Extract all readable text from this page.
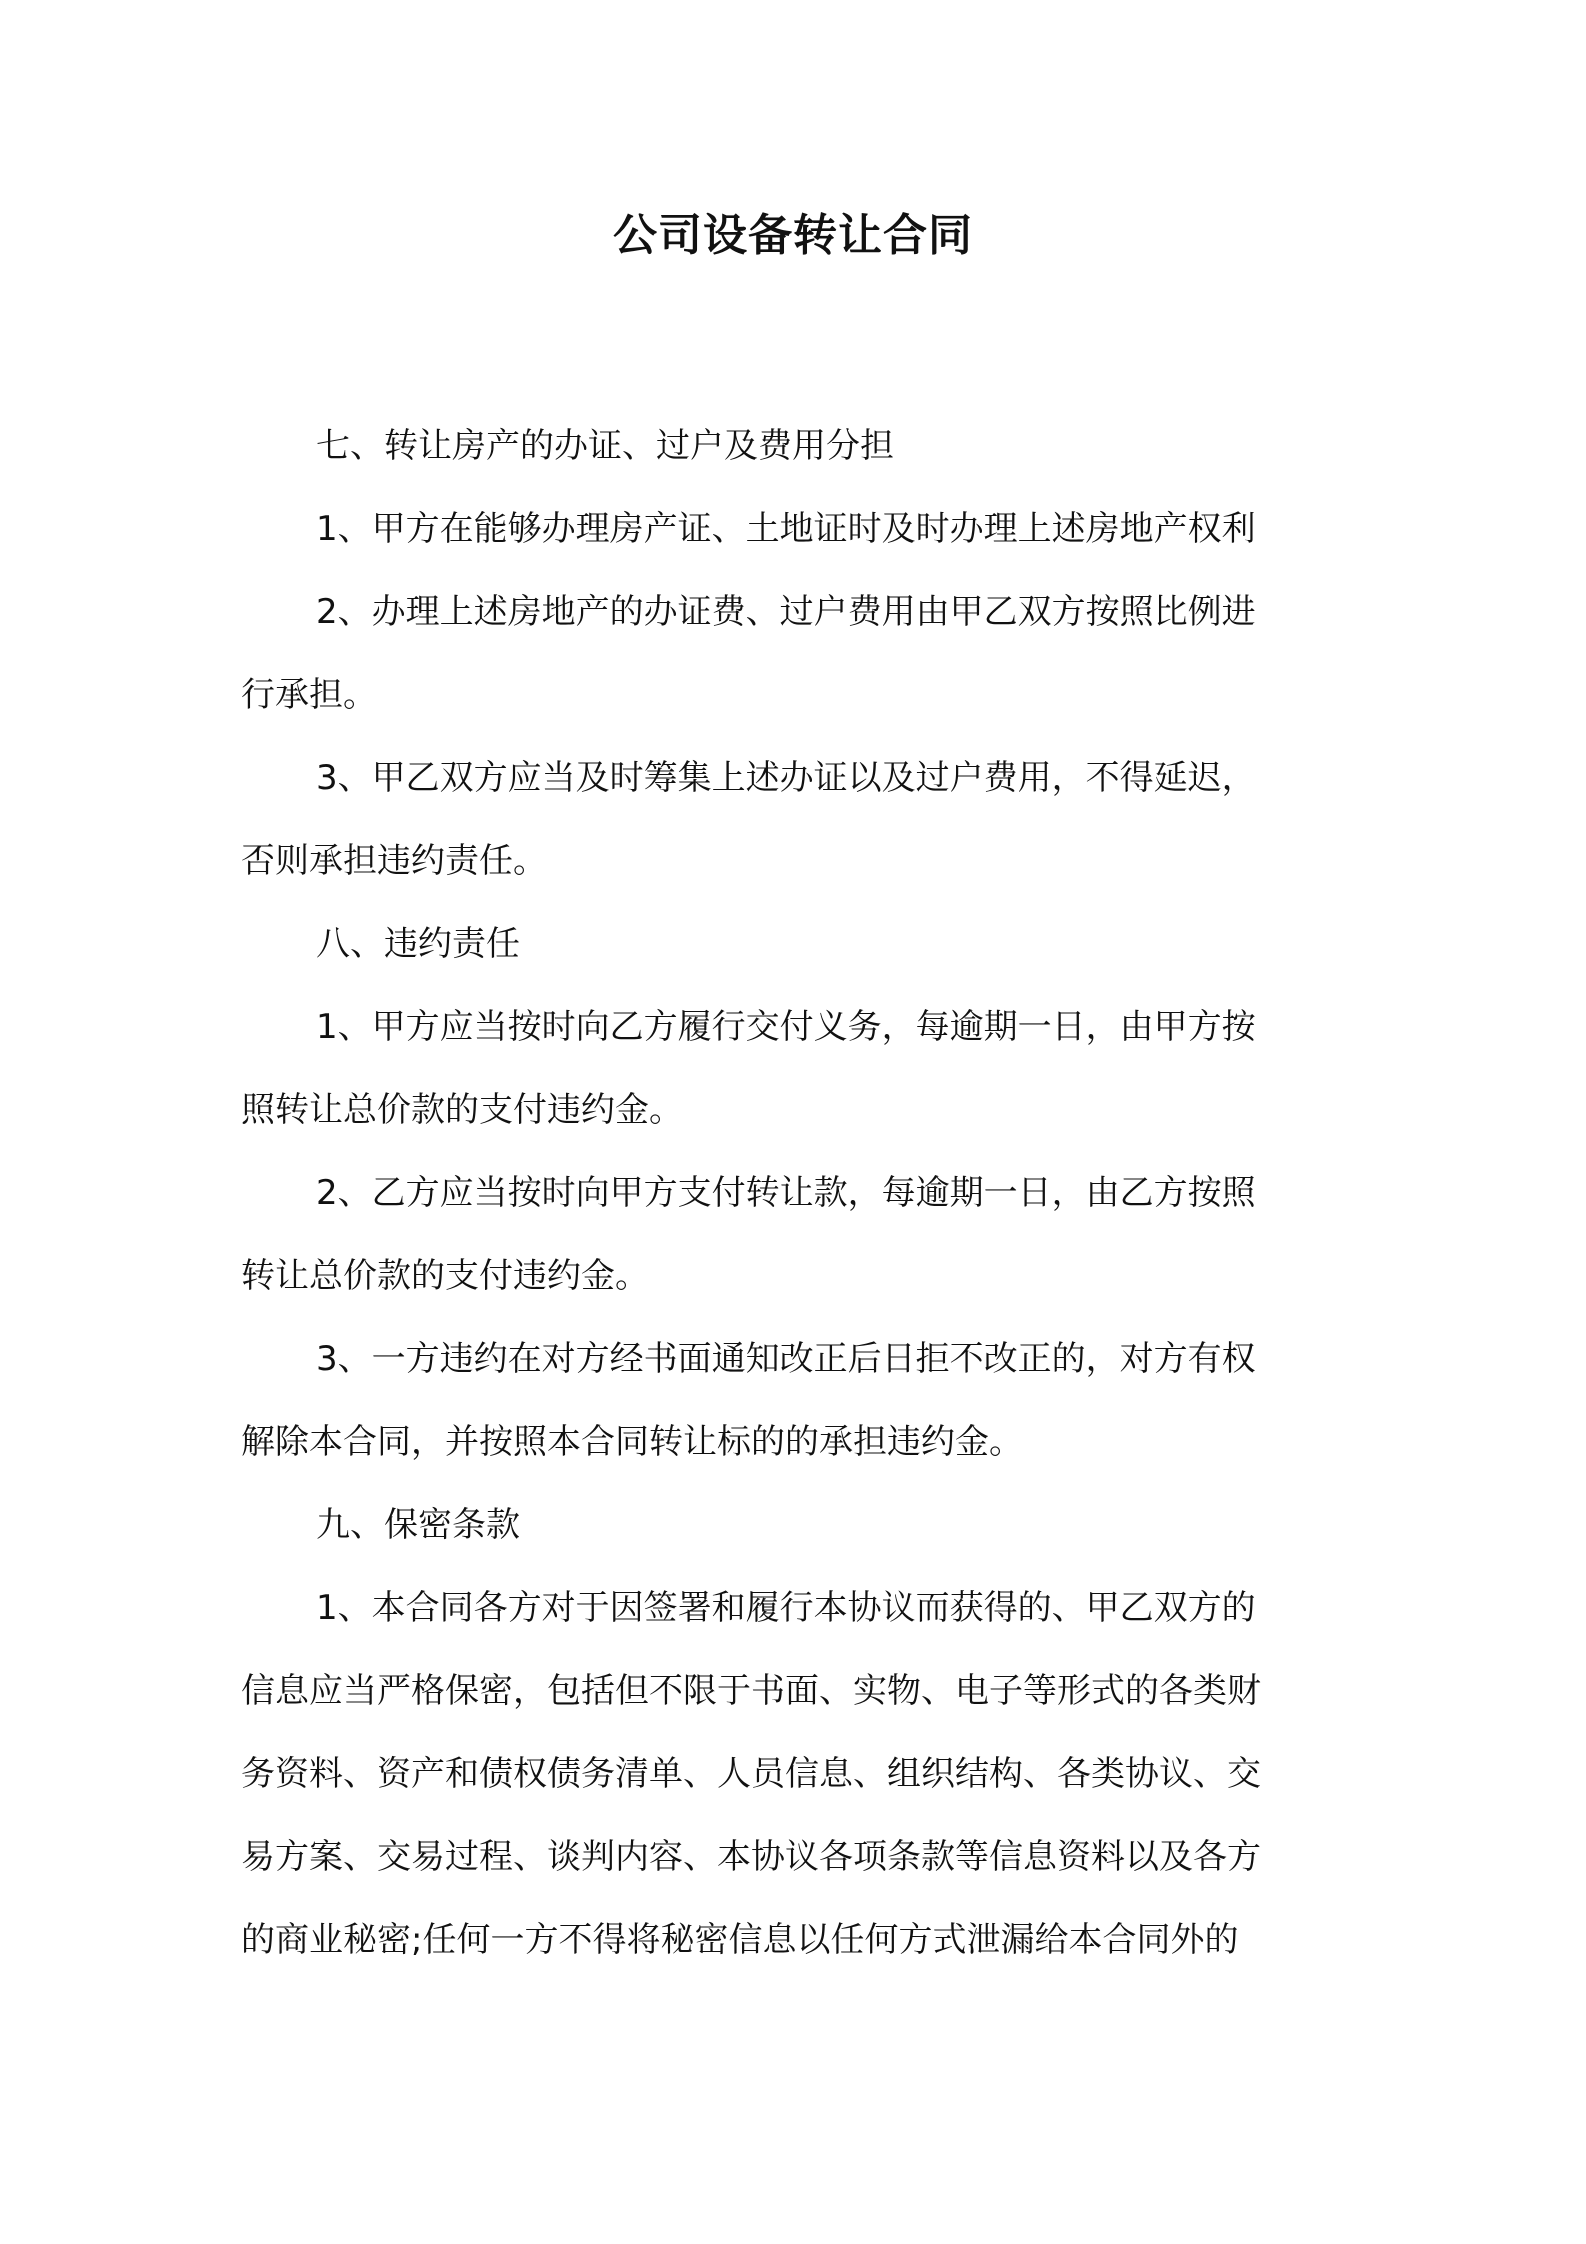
公司设备转让合同
七、转让房产的办证、过户及费用分担
1、甲方在能够办理房产证、土地证时及时办理上述房地产权利
2、办理上述房地产的办证费、过户费用由甲乙双方按照比例进
行承担。
3、甲乙双方应当及时筹集上述办证以及过户费用，不得延迟，
否则承担违约责任。
八、违约责任
1、甲方应当按时向乙方履行交付义务，每逾期一日，由甲方按
照转让总价款的支付违约金。
2、乙方应当按时向甲方支付转让款，每逾期一日，由乙方按照
转让总价款的支付违约金。
3、一方违约在对方经书面通知改正后日拒不改正的，对方有权
解除本合同，并按照本合同转让标的的承担违约金。
九、保密条款
1、本合同各方对于因签署和履行本协议而获得的、甲乙双方的
信息应当严格保密，包括但不限于书面、实物、电子等形式的各类财
务资料、资产和债权债务清单、人员信息、组织结构、各类协议、交
易方案、交易过程、谈判内容、本协议各项条款等信息资料以及各方
的商业秘密;任何一方不得将秘密信息以任何方式泄漏给本合同外的
